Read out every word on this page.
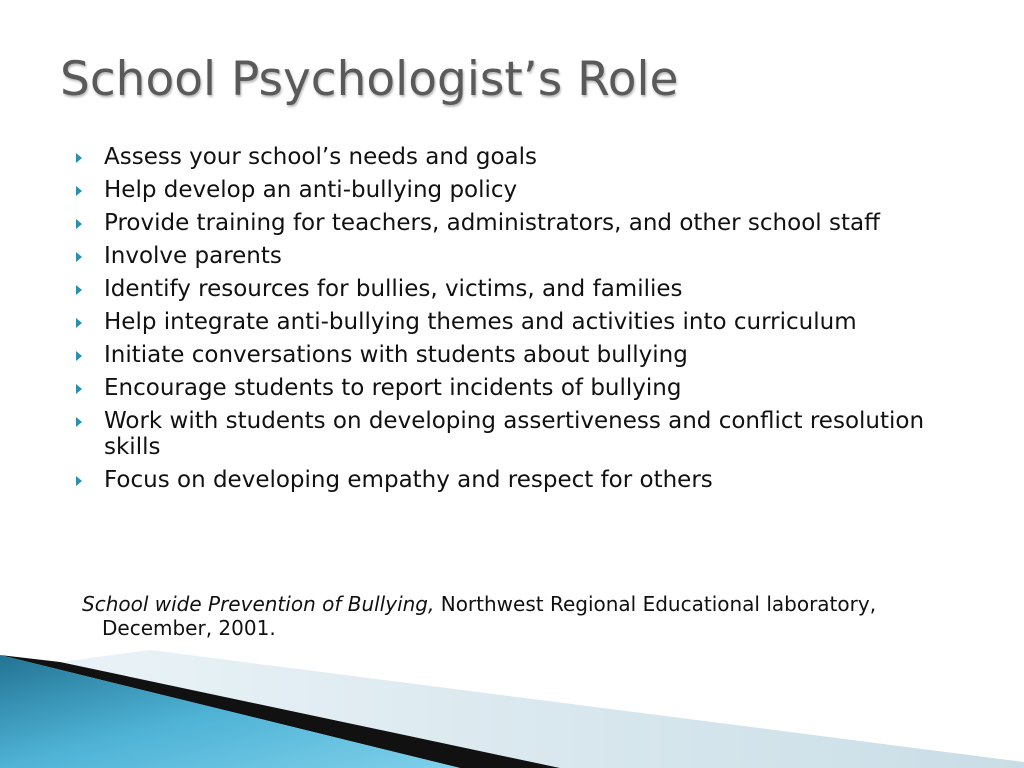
School Psychologist’s Role
Assess your school’s needs and goals
Help develop an anti-bullying policy
Provide training for teachers, administrators, and other school staff
Involve parents
Identify resources for bullies, victims, and families
Help integrate anti-bullying themes and activities into curriculum
Initiate conversations with students about bullying
Encourage students to report incidents of bullying
Work with students on developing assertiveness and conflict resolution skills
Focus on developing empathy and respect for others

School wide Prevention of Bullying, Northwest Regional Educational laboratory, December, 2001.
